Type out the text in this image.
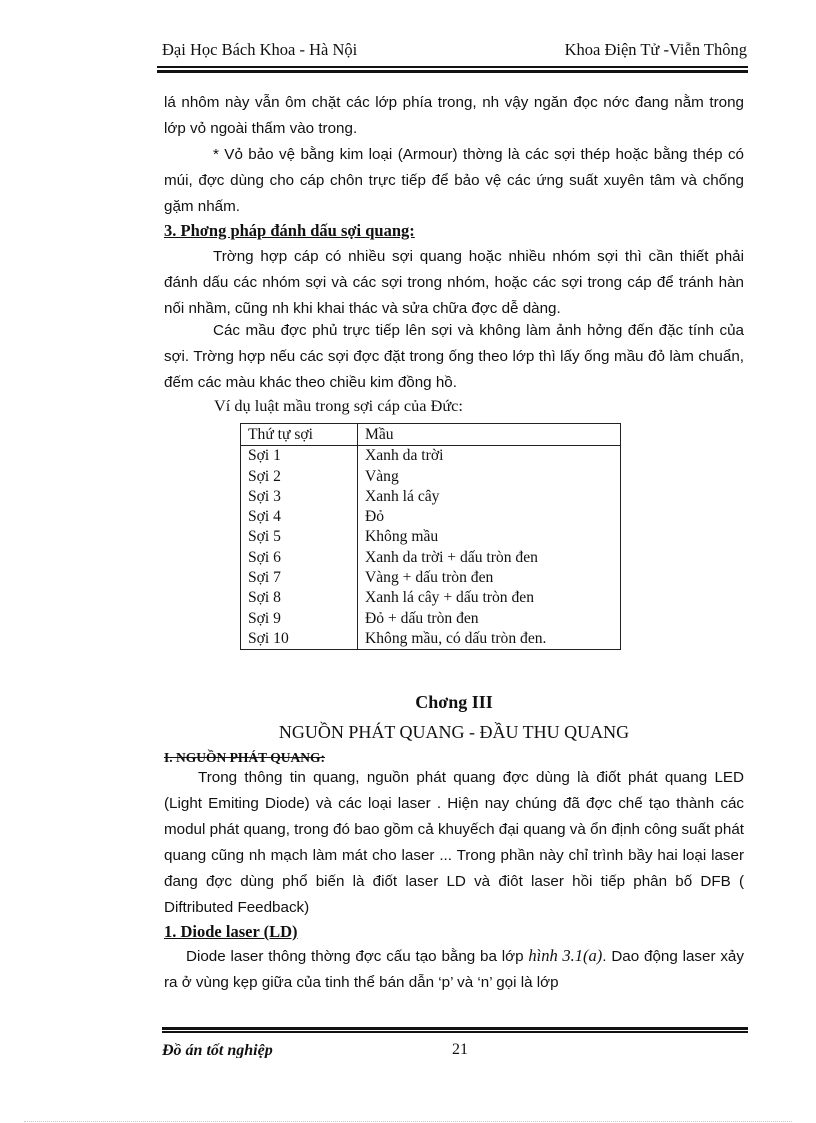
Đại Học Bách Khoa - Hà Nội	Khoa Điện Tử -Viễn Thông
lá nhôm này vẫn ôm chặt các lớp phía trong, nh vậy ngăn đọc nớc đang nằm trong lớp vỏ ngoài thấm vào trong.
* Vỏ bảo vệ bằng kim loại (Armour) thờng là các sợi thép hoặc bằng thép có múi, đợc dùng cho cáp chôn trực tiếp để bảo vệ các ứng suất xuyên tâm và chống gặm nhấm.
3. Phơng pháp đánh dấu sợi quang:
Trờng hợp cáp có nhiều sợi quang hoặc nhiều nhóm sợi thì cần thiết phải đánh dấu các nhóm sợi và các sợi trong nhóm, hoặc các sợi trong cáp để tránh hàn nối nhầm, cũng nh khi khai thác và sửa chữa đợc dễ dàng.
Các mầu đợc phủ trực tiếp lên sợi và không làm ảnh hởng đến đặc tính của sợi. Trờng hợp nếu các sợi đợc đặt trong ống theo lớp thì lấy ống mầu đỏ làm chuẩn, đếm các màu khác theo chiều kim đồng hồ.
Ví dụ luật mầu trong sợi cáp của Đức:
Thứ tự sợi	Mầu
Sợi 1	Xanh da trời
Sợi 2	Vàng
Sợi 3	Xanh lá cây
Sợi 4	Đỏ
Sợi 5	Không mầu
Sợi 6	Xanh da trời + dấu tròn đen
Sợi 7	Vàng + dấu tròn đen
Sợi 8	Xanh lá cây + dấu tròn đen
Sợi 9	Đỏ + dấu tròn đen
Sợi 10	Không mầu, có dấu tròn đen.
Chơng III
NGUỒN PHÁT QUANG - ĐẦU THU QUANG
I. NGUỒN PHÁT QUANG:
Trong thông tin quang, nguồn phát quang đợc dùng là điốt phát quang LED (Light Emiting Diode) và các loại laser . Hiện nay chúng đã đợc chế tạo thành các modul phát quang, trong đó bao gồm cả khuyếch đại quang và ổn định công suất phát quang cũng nh mạch làm mát cho laser ... Trong phần này chỉ trình bầy hai loại laser đang đợc dùng phổ biến là điốt laser LD và điôt laser hồi tiếp phân bố DFB ( Diftributed Feedback)
1. Diode laser (LD)
Diode laser thông thờng đợc cấu tạo bằng ba lớp hình 3.1(a). Dao động laser xảy ra ở vùng kẹp giữa của tinh thể bán dẫn ‘p’ và ‘n’ gọi là lớp
Đồ án tốt nghiệp	21
